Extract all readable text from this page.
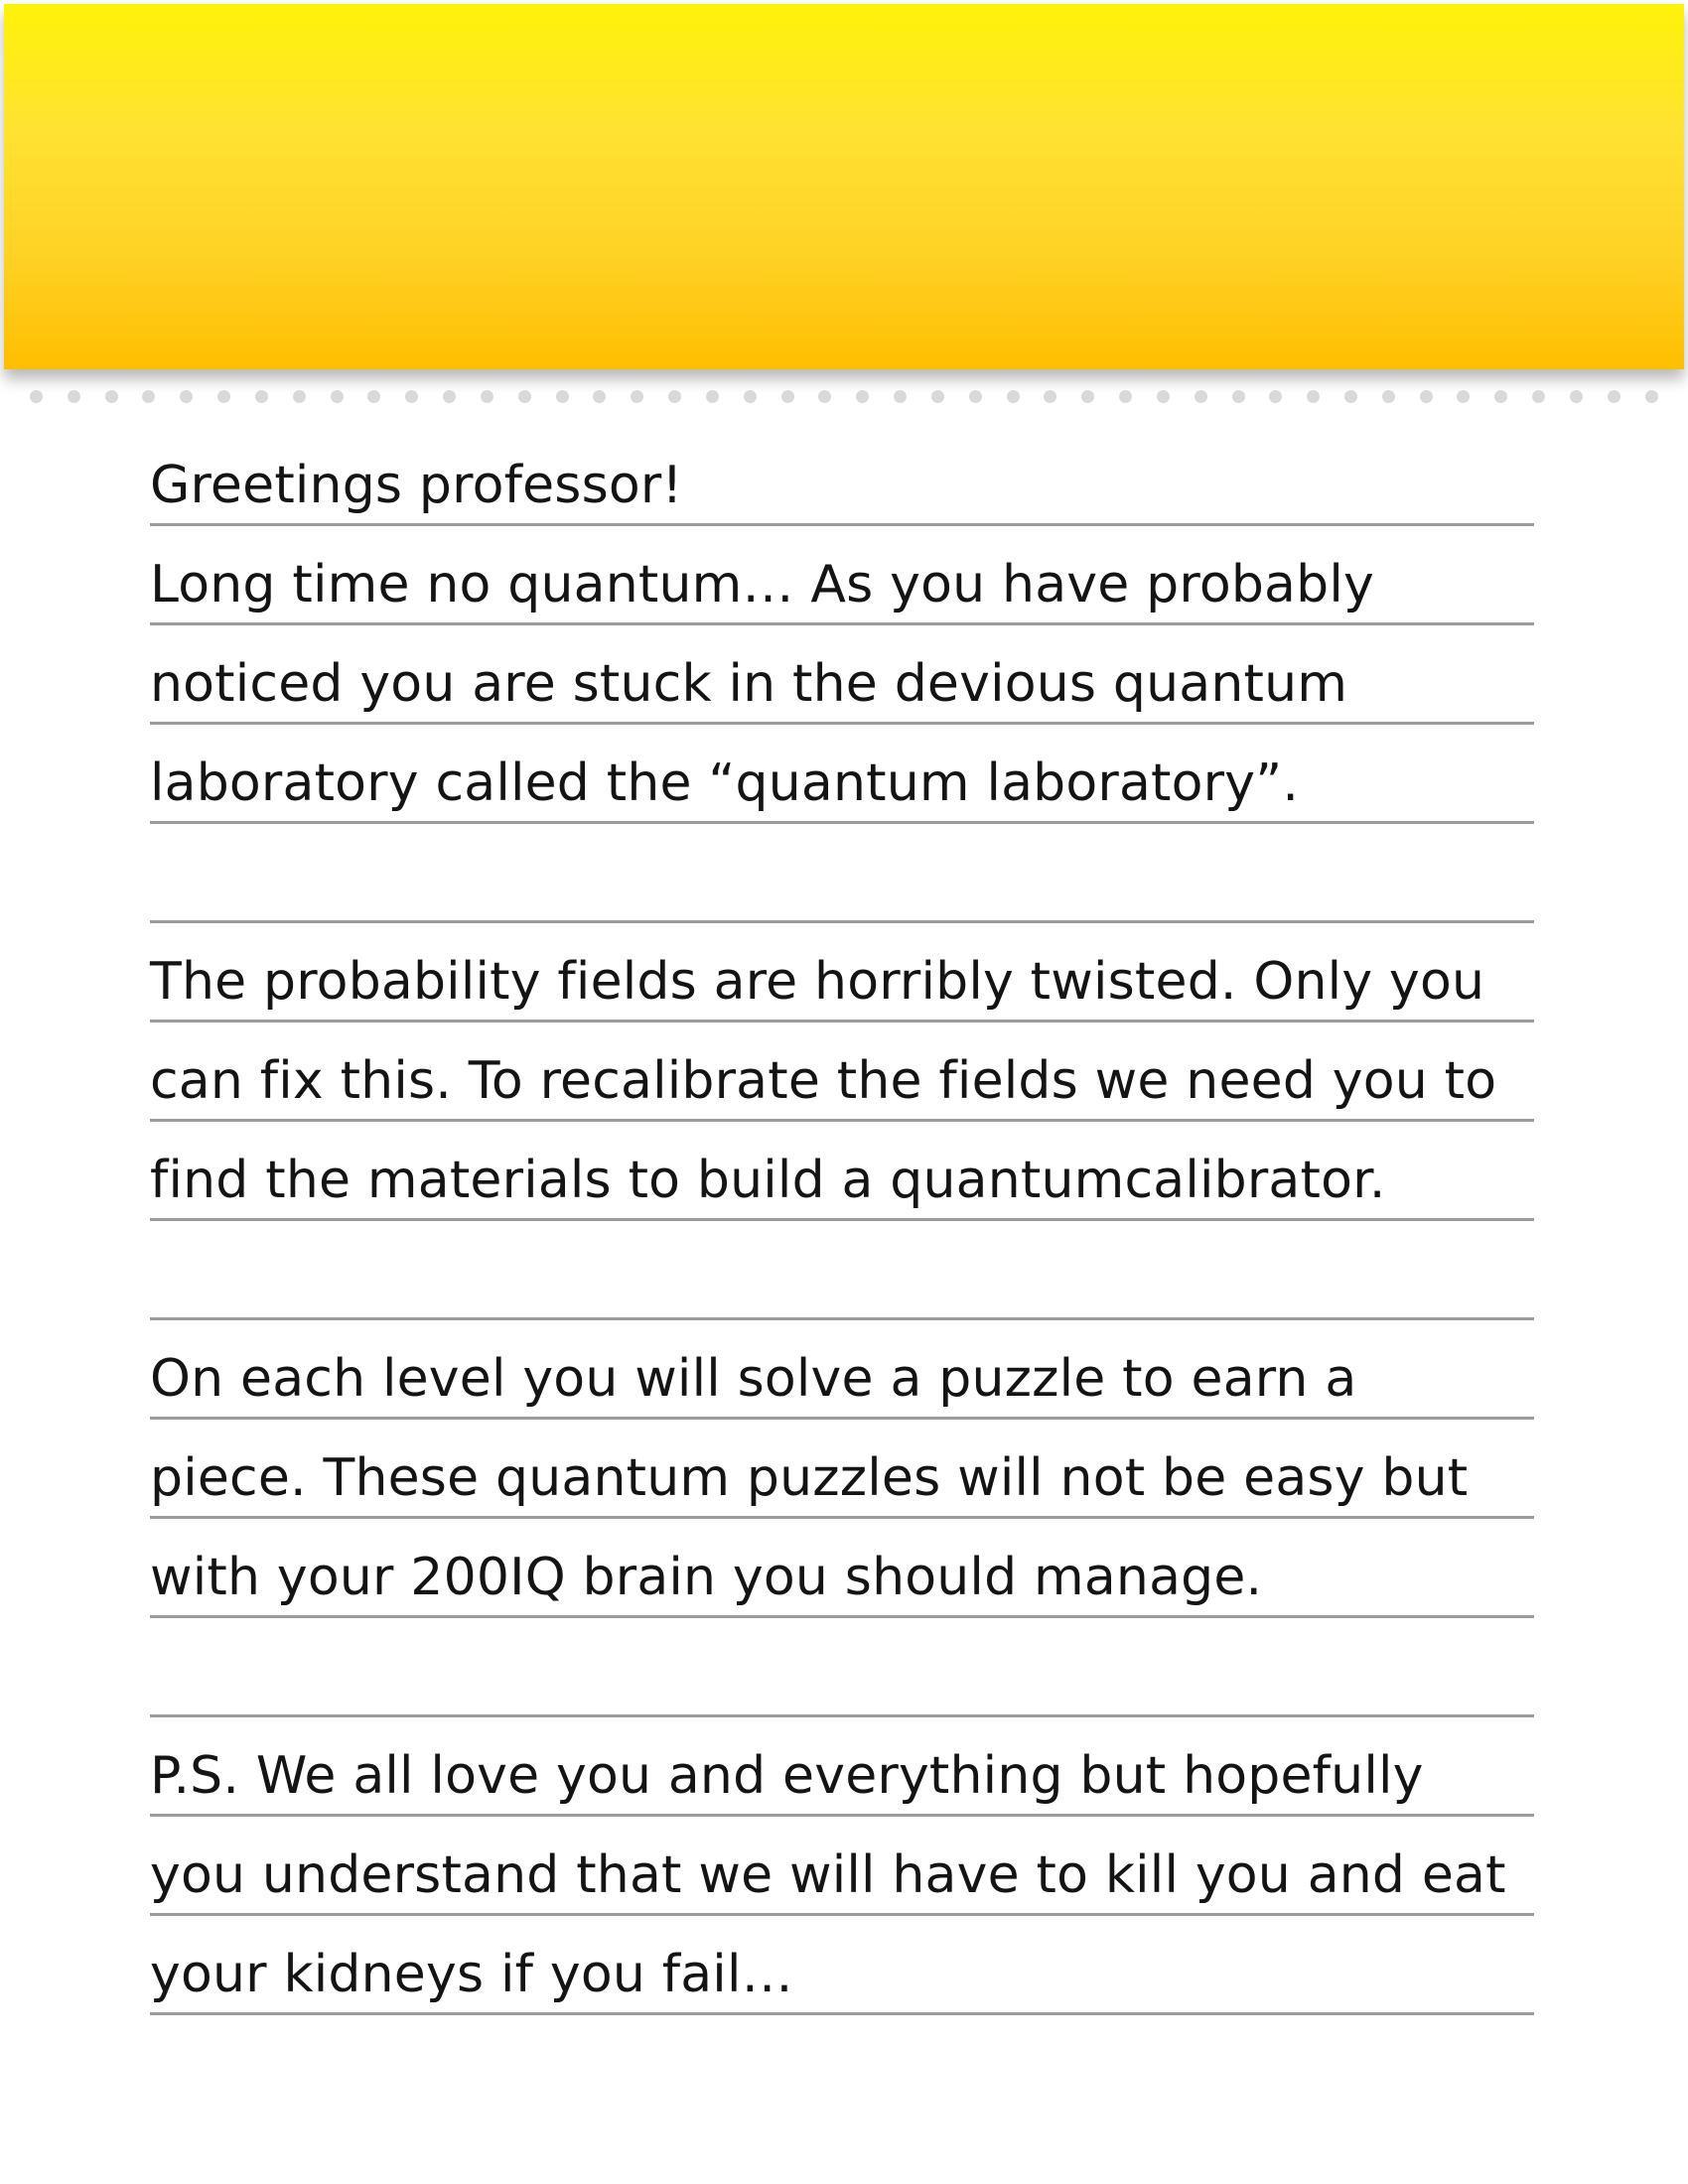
Greetings professor!
Long time no quantum… As you have probably
noticed you are stuck in the devious quantum
laboratory called the “quantum laboratory”.
The probability fields are horribly twisted. Only you
can fix this. To recalibrate the fields we need you to
find the materials to build a quantumcalibrator.
On each level you will solve a puzzle to earn a
piece. These quantum puzzles will not be easy but
with your 200IQ brain you should manage.
P.S. We all love you and everything but hopefully
you understand that we will have to kill you and eat
your kidneys if you fail…
